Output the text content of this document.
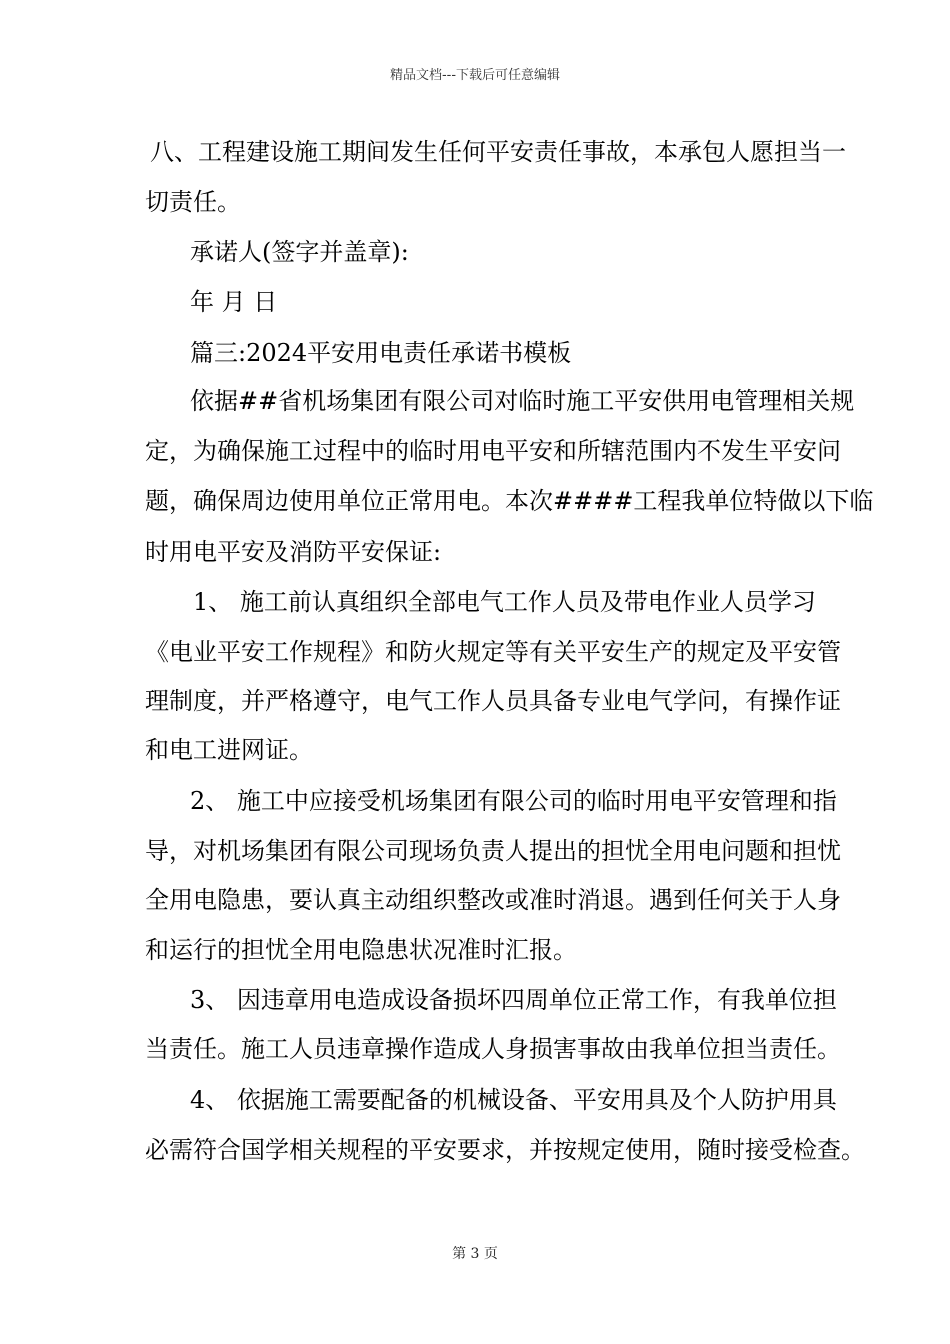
精品文档---下载后可任意编辑
八、工程建设施工期间发生任何平安责任事故，本承包人愿担当一
切责任。
承诺人(签字并盖章):
年 月 日
篇三:2024平安用电责任承诺书模板
依据##省机场集团有限公司对临时施工平安供用电管理相关规
定，为确保施工过程中的临时用电平安和所辖范围内不发生平安问
题，确保周边使用单位正常用电。本次####工程我单位特做以下临
时用电平安及消防平安保证:
1、 施工前认真组织全部电气工作人员及带电作业人员学习
《电业平安工作规程》和防火规定等有关平安生产的规定及平安管
理制度，并严格遵守，电气工作人员具备专业电气学问，有操作证
和电工进网证。
2、 施工中应接受机场集团有限公司的临时用电平安管理和指
导，对机场集团有限公司现场负责人提出的担忧全用电问题和担忧
全用电隐患，要认真主动组织整改或准时消退。遇到任何关于人身
和运行的担忧全用电隐患状况准时汇报。
3、 因违章用电造成设备损坏四周单位正常工作，有我单位担
当责任。施工人员违章操作造成人身损害事故由我单位担当责任。
4、 依据施工需要配备的机械设备、平安用具及个人防护用具
必需符合国学相关规程的平安要求，并按规定使用，随时接受检查。
第 3 页
